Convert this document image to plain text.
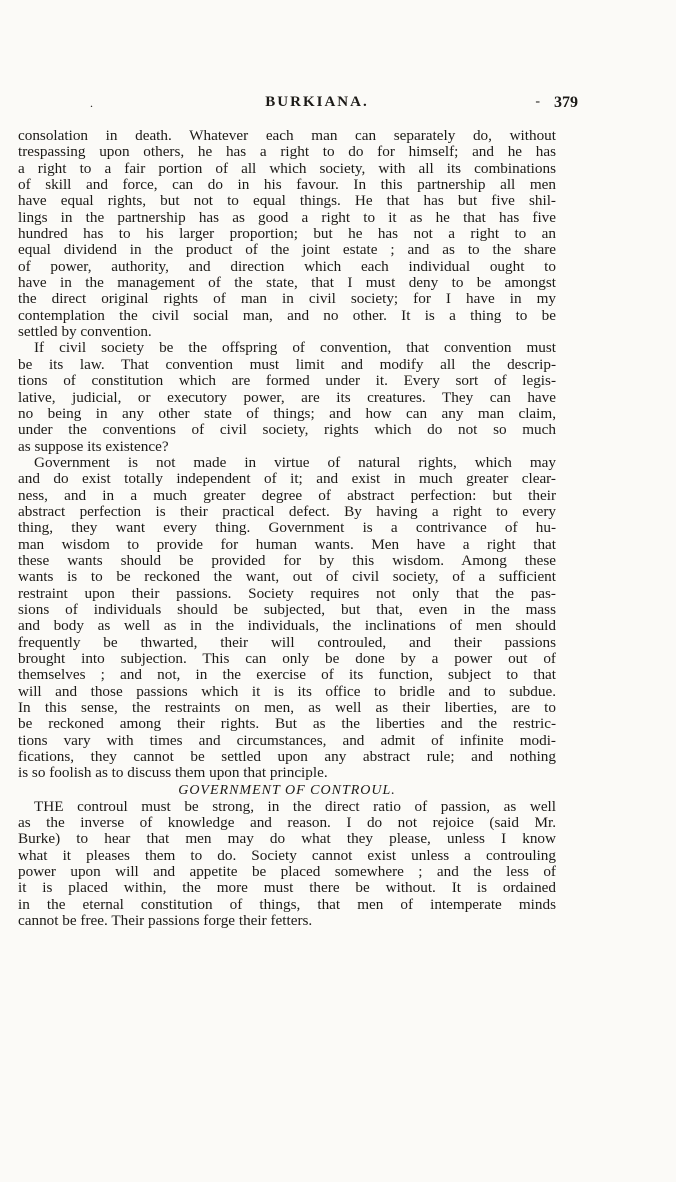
.	BURKIANA.	‑ 379
consolation in death. Whatever each man can separately do, without
trespassing upon others, he has a right to do for himself; and he has
a right to a fair portion of all which society, with all its combinations
of skill and force, can do in his favour. In this partnership all men
have equal rights, but not to equal things. He that has but five shil-
lings in the partnership has as good a right to it as he that has five
hundred has to his larger proportion; but he has not a right to an
equal dividend in the product of the joint estate ; and as to the share
of power, authority, and direction which each individual ought to
have in the management of the state, that I must deny to be amongst
the direct original rights of man in civil society; for I have in my
contemplation the civil social man, and no other. It is a thing to be
settled by convention.
If civil society be the offspring of convention, that convention must
be its law. That convention must limit and modify all the descrip-
tions of constitution which are formed under it. Every sort of legis-
lative, judicial, or executory power, are its creatures. They can have
no being in any other state of things; and how can any man claim,
under the conventions of civil society, rights which do not so much
as suppose its existence?
Government is not made in virtue of natural rights, which may
and do exist totally independent of it; and exist in much greater clear-
ness, and in a much greater degree of abstract perfection: but their
abstract perfection is their practical defect. By having a right to every
thing, they want every thing. Government is a contrivance of hu-
man wisdom to provide for human wants. Men have a right that
these wants should be provided for by this wisdom. Among these
wants is to be reckoned the want, out of civil society, of a sufficient
restraint upon their passions. Society requires not only that the pas-
sions of individuals should be subjected, but that, even in the mass
and body as well as in the individuals, the inclinations of men should
frequently be thwarted, their will controuled, and their passions
brought into subjection. This can only be done by a power out of
themselves ; and not, in the exercise of its function, subject to that
will and those passions which it is its office to bridle and to subdue.
In this sense, the restraints on men, as well as their liberties, are to
be reckoned among their rights. But as the liberties and the restric-
tions vary with times and circumstances, and admit of infinite modi-
fications, they cannot be settled upon any abstract rule; and nothing
is so foolish as to discuss them upon that principle.
GOVERNMENT OF CONTROUL.
THE controul must be strong, in the direct ratio of passion, as well
as the inverse of knowledge and reason. I do not rejoice (said Mr.
Burke) to hear that men may do what they please, unless I know
what it pleases them to do. Society cannot exist unless a controuling
power upon will and appetite be placed somewhere ; and the less of
it is placed within, the more must there be without. It is ordained
in the eternal constitution of things, that men of intemperate minds
cannot be free. Their passions forge their fetters.
